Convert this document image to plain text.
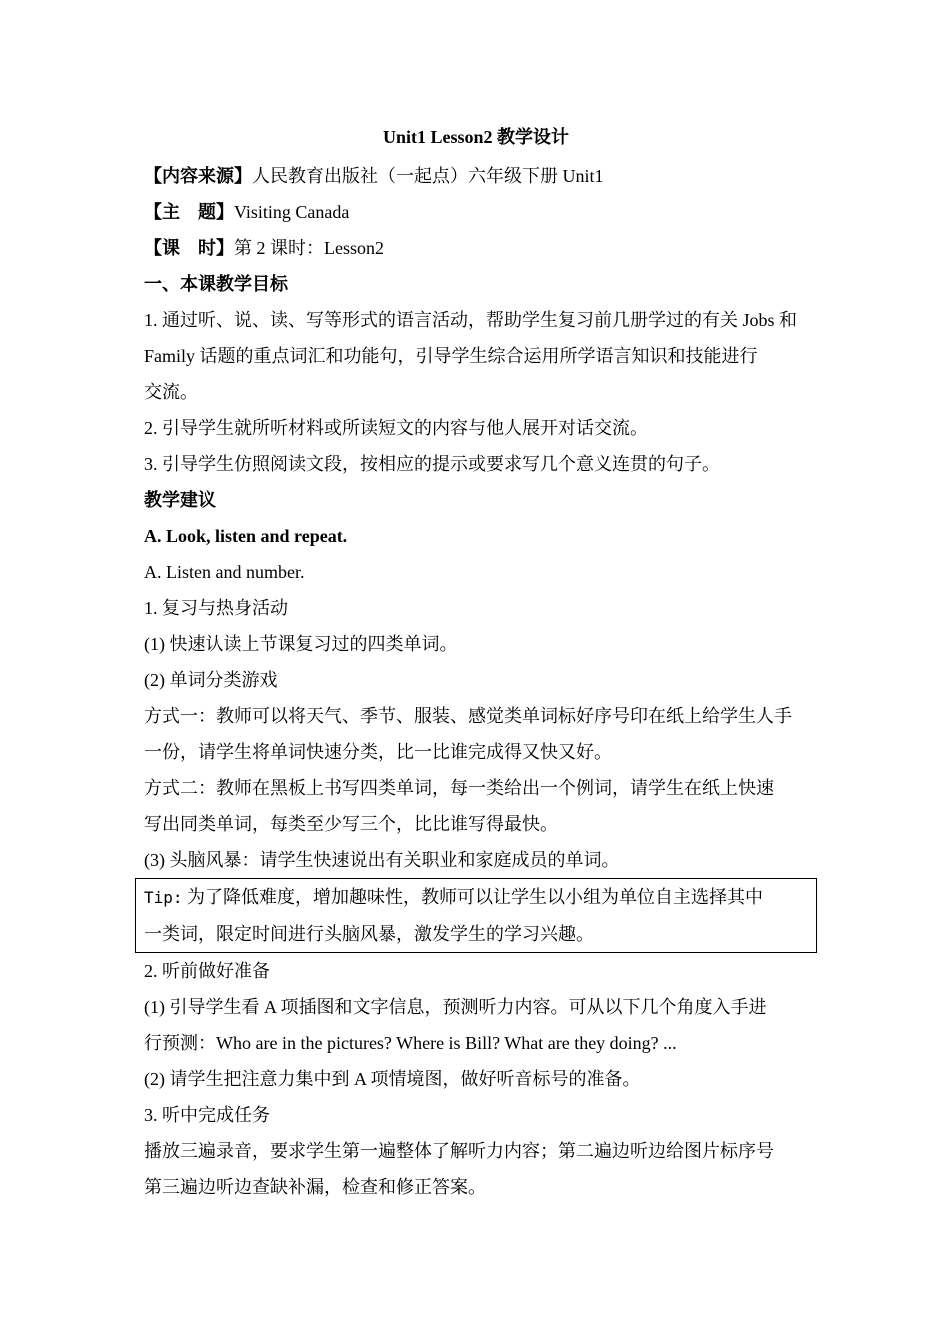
Unit1 Lesson2 教学设计
【内容来源】人民教育出版社（一起点）六年级下册 Unit1
【主　题】Visiting Canada
【课　时】第 2 课时：Lesson2
一、本课教学目标
1. 通过听、说、读、写等形式的语言活动，帮助学生复习前几册学过的有关 Jobs 和
Family 话题的重点词汇和功能句，引导学生综合运用所学语言知识和技能进行
交流。
2. 引导学生就所听材料或所读短文的内容与他人展开对话交流。
3. 引导学生仿照阅读文段，按相应的提示或要求写几个意义连贯的句子。
教学建议
A. Look, listen and repeat.
A. Listen and number.
1. 复习与热身活动
(1) 快速认读上节课复习过的四类单词。
(2) 单词分类游戏
方式一：教师可以将天气、季节、服装、感觉类单词标好序号印在纸上给学生人手
一份，请学生将单词快速分类，比一比谁完成得又快又好。
方式二：教师在黑板上书写四类单词，每一类给出一个例词，请学生在纸上快速
写出同类单词，每类至少写三个，比比谁写得最快。
(3) 头脑风暴：请学生快速说出有关职业和家庭成员的单词。
Tip: 为了降低难度，增加趣味性，教师可以让学生以小组为单位自主选择其中
一类词，限定时间进行头脑风暴，激发学生的学习兴趣。
2. 听前做好准备
(1) 引导学生看 A 项插图和文字信息，预测听力内容。可从以下几个角度入手进
行预测：Who are in the pictures? Where is Bill? What are they doing? ...
(2) 请学生把注意力集中到 A 项情境图，做好听音标号的准备。
3. 听中完成任务
播放三遍录音，要求学生第一遍整体了解听力内容；第二遍边听边给图片标序号
第三遍边听边查缺补漏，检查和修正答案。
